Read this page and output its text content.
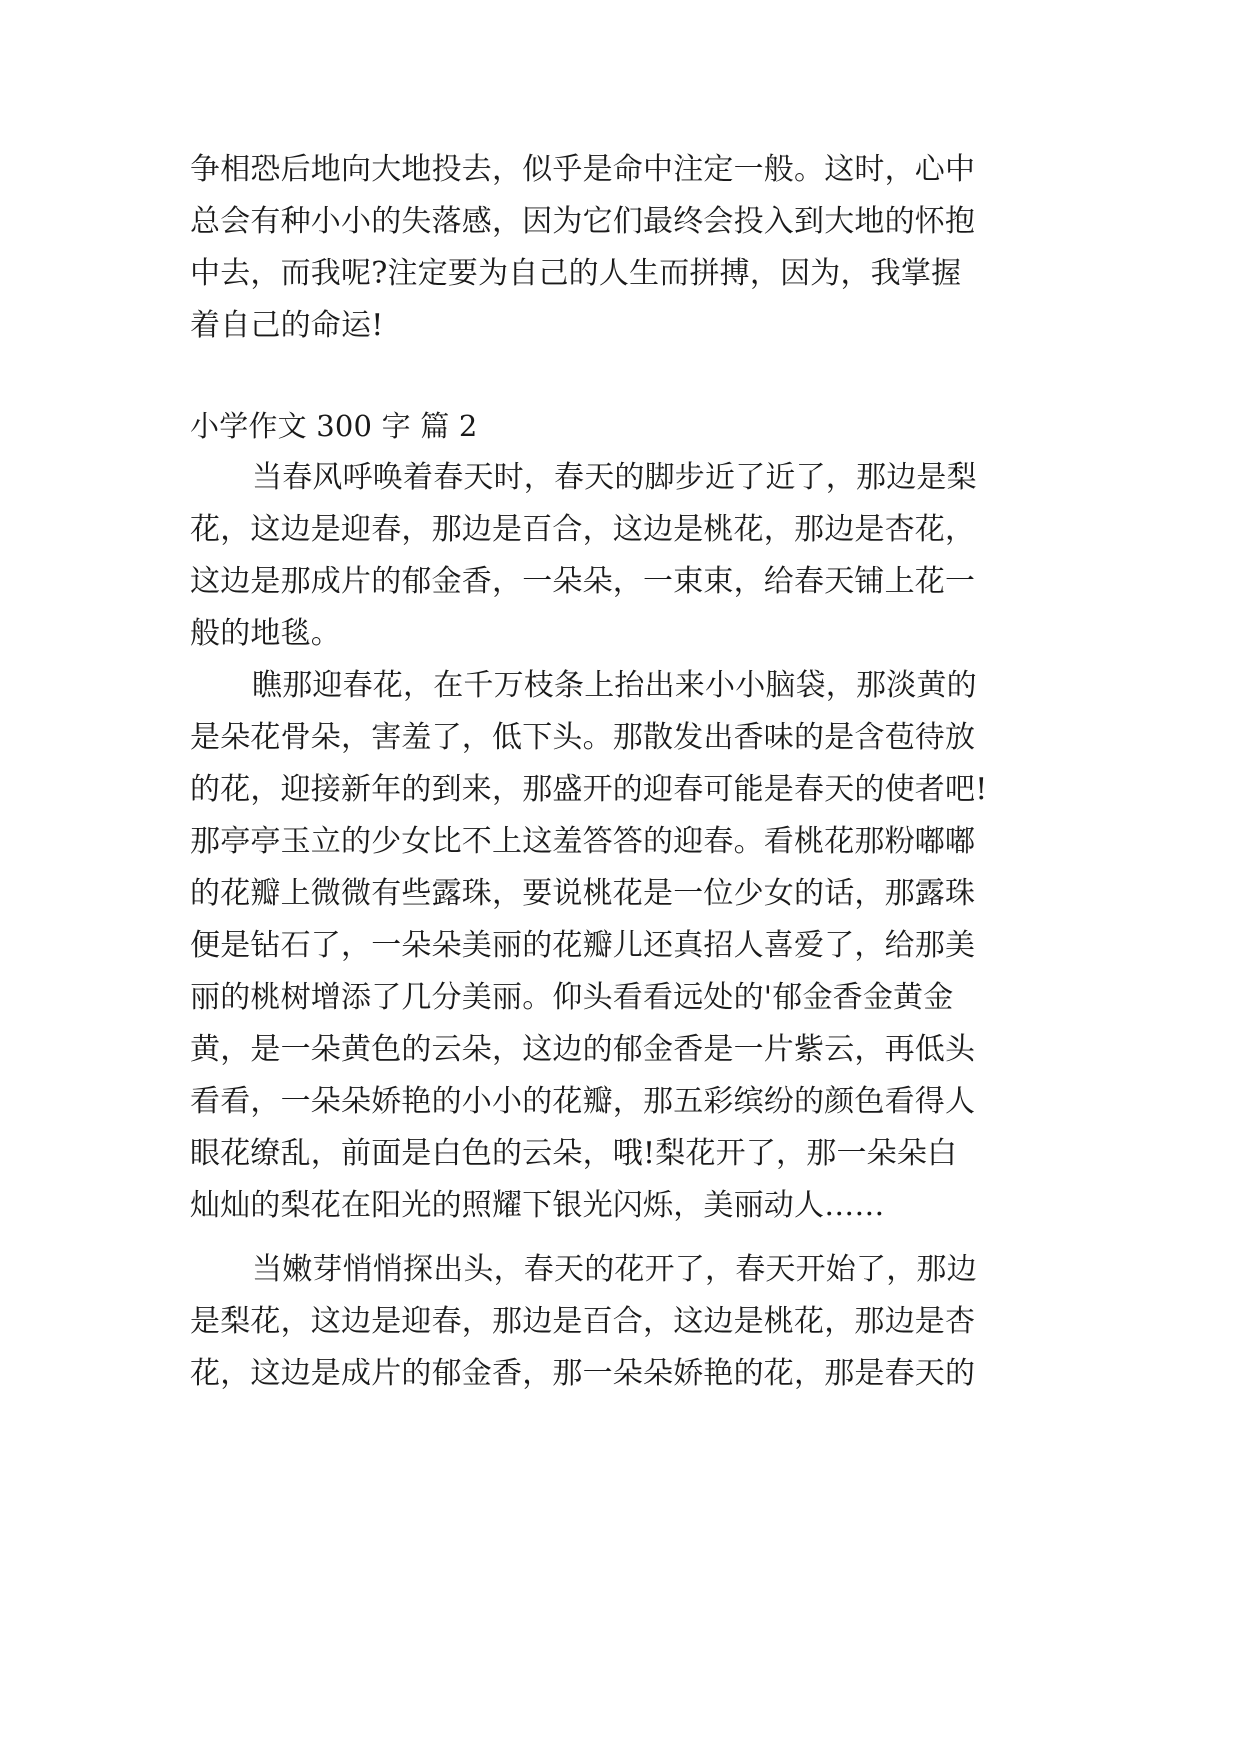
争相恐后地向大地投去，似乎是命中注定一般。这时，心中
总会有种小小的失落感，因为它们最终会投入到大地的怀抱
中去，而我呢?注定要为自己的人生而拼搏，因为，我掌握
着自己的命运!
小学作文 300 字 篇 2
当春风呼唤着春天时，春天的脚步近了近了，那边是梨
花，这边是迎春，那边是百合，这边是桃花，那边是杏花，
这边是那成片的郁金香，一朵朵，一束束，给春天铺上花一
般的地毯。
瞧那迎春花，在千万枝条上抬出来小小脑袋，那淡黄的
是朵花骨朵，害羞了，低下头。那散发出香味的是含苞待放
的花，迎接新年的到来，那盛开的迎春可能是春天的使者吧!
那亭亭玉立的少女比不上这羞答答的迎春。看桃花那粉嘟嘟
的花瓣上微微有些露珠，要说桃花是一位少女的话，那露珠
便是钻石了，一朵朵美丽的花瓣儿还真招人喜爱了，给那美
丽的桃树增添了几分美丽。仰头看看远处的'郁金香金黄金
黄，是一朵黄色的云朵，这边的郁金香是一片紫云，再低头
看看，一朵朵娇艳的小小的花瓣，那五彩缤纷的颜色看得人
眼花缭乱，前面是白色的云朵，哦!梨花开了，那一朵朵白
灿灿的梨花在阳光的照耀下银光闪烁，美丽动人……
当嫩芽悄悄探出头，春天的花开了，春天开始了，那边
是梨花，这边是迎春，那边是百合，这边是桃花，那边是杏
花，这边是成片的郁金香，那一朵朵娇艳的花，那是春天的
